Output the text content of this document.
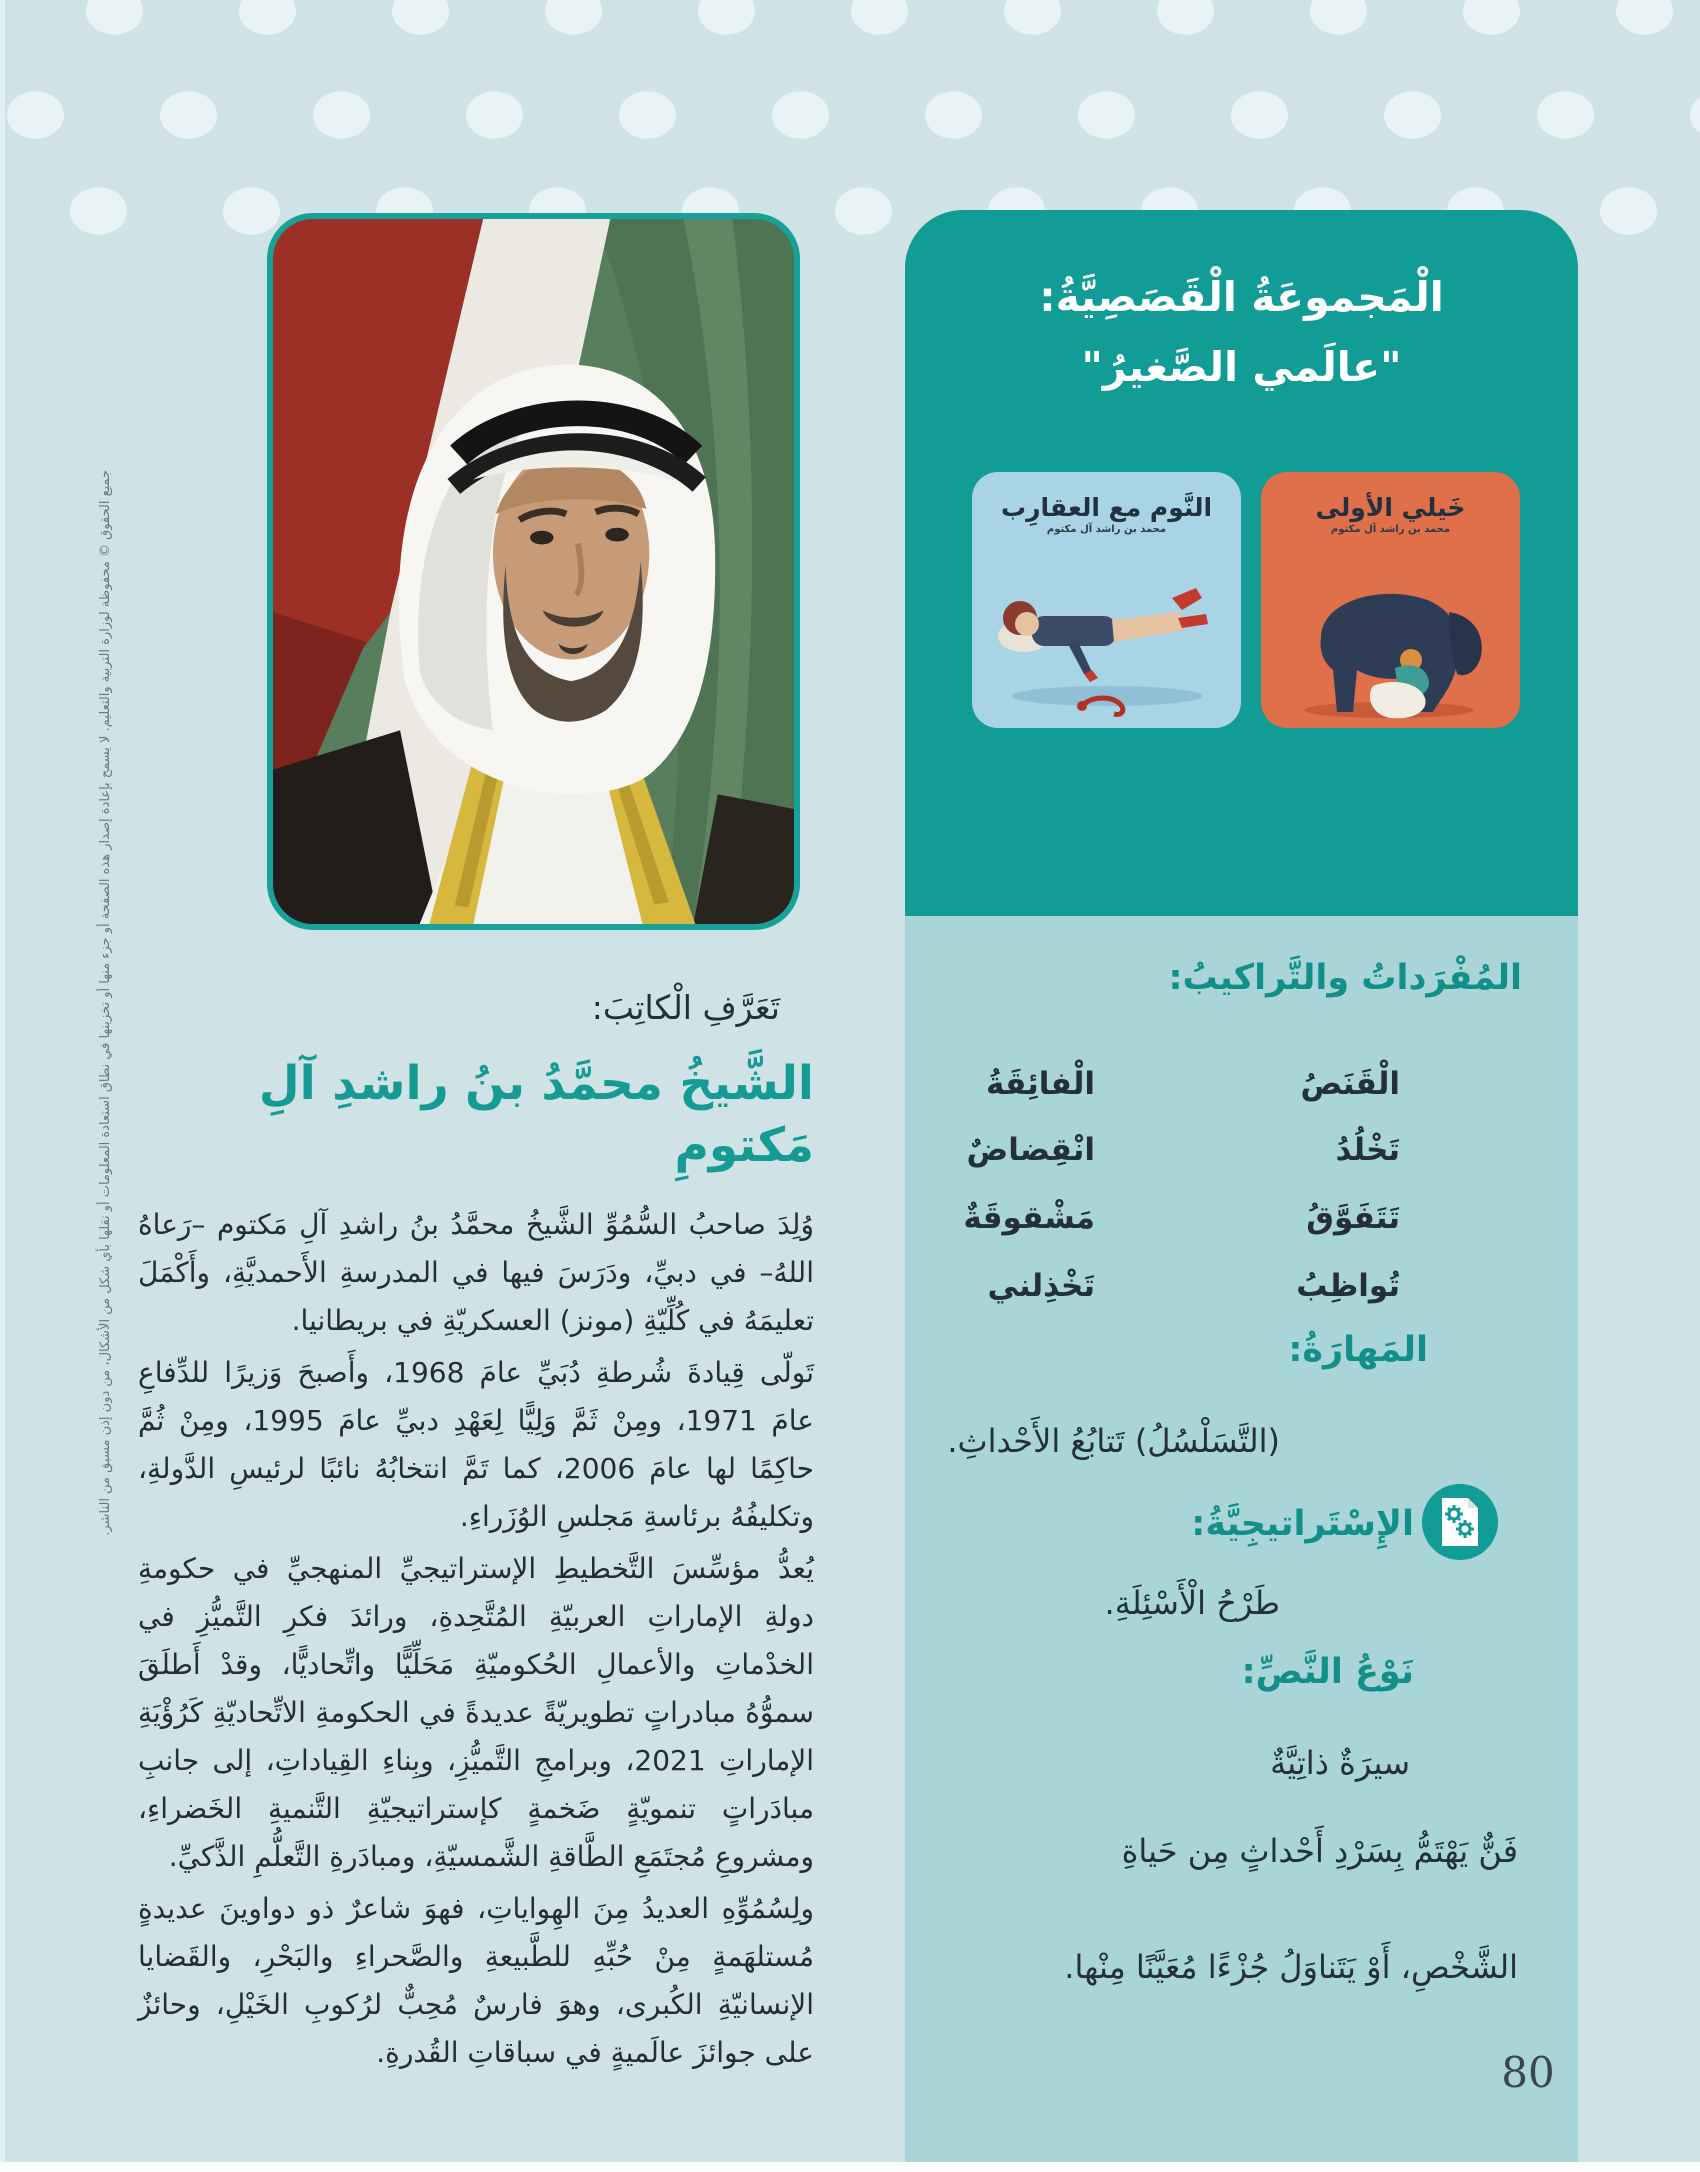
جميع الحقوق © محفوظة لوزارة التربية والتعليم. لا يسمح بإعادة إصدار هذه الصفحة أو جزء منها أو تخزينها في نطاق استعادة المعلومات أو نقلها بأي شكل من الأشكال، من دون إذن مسبق من الناشر.	تَعَرَّفِ الْكاتِبَ:

الشَّيخُ محمَّدُ بنُ راشدِ آلِ مَكتومِ

وُلِدَ صاحبُ السُّمُوِّ الشَّيخُ محمَّدُ بنُ راشدِ آلِ مَكتوم –رَعاهُ اللهُ– في دبيِّ، ودَرَسَ فيها في المدرسةِ الأَحمديَّةِ، وأَكْمَلَ تعليمَهُ في كُلِّيّةِ (مونز) العسكريّةِ في بريطانيا.

تَولّى قِيادةَ شُرطةِ دُبَيِّ عامَ 1968، وأَصبحَ وَزيرًا للدِّفاعِ عامَ 1971، ومِنْ ثَمَّ وَلِيًّا لِعَهْدِ دبيِّ عامَ 1995، ومِنْ ثُمَّ حاكِمًا لها عامَ 2006، كما تَمَّ انتخابُهُ نائبًا لرئيسِ الدَّولةِ، وتكليفُهُ برئاسةِ مَجلسِ الوُزَراءِ.

يُعدُّ مؤسِّسَ التَّخطيطِ الإستراتيجيِّ المنهجيِّ في حكومةِ دولةِ الإماراتِ العربيّةِ المُتَّحِدةِ، ورائدَ فكرِ التَّميُّزِ في الخدْماتِ والأعمالِ الحُكوميّةِ مَحَلِّيًّا واتِّحاديًّا، وقدْ أَطلَقَ سموُّهُ مبادراتٍ تطويريّةً عديدةً في الحكومةِ الاتِّحاديّةِ كَرُؤْيَةِ الإماراتِ 2021، وبرامجِ التَّميُّزِ، وبِناءِ القِياداتِ، إلى جانبِ مبادَراتٍ تنمويّةٍ ضَخمةٍ كإستراتيجيّةِ التَّنميةِ الخَضراءِ، ومشروعِ مُجتَمَعِ الطَّاقةِ الشَّمسيّةِ، ومبادَرةِ التَّعلُّمِ الذَّكيِّ.

ولِسُمُوِّهِ العديدُ مِنَ الهِواياتِ، فهوَ شاعرٌ ذو دواوينَ عديدةٍ مُستلهَمةٍ مِنْ حُبِّهِ للطَّبيعةِ والصَّحراءِ والبَحْرِ، والقَضايا الإنسانيّةِ الكُبرى، وهوَ فارسٌ مُحِبٌّ لرُكوبِ الخَيْلِ، وحائزٌ على جوائزَ عالَميةٍ في سباقاتِ القُدرةِ.

الْمَجموعَةُ الْقَصَصِيَّةُ:

"عالَمي الصَّغيرُ"

النَّوم مع العقارِب

محمد بن راشد آل مكتوم

خَيلي الأولى

محمد بن راشد آل مكتوم

المُفْرَداتُ والتَّراكيبُ:

الْقَنَصُ

الْفائِقَةُ

تَخْلُدُ

انْقِضاضٌ

تَتَفَوَّقُ

مَشْقوقَةٌ

تُواظِبُ

تَخْذِلني

المَهارَةُ:

(التَّسَلْسُلُ) تَتابُعُ الأَحْداثِ.

الإِسْتَراتيجِيَّةُ:

طَرْحُ الْأَسْئِلَةِ.

نَوْعُ النَّصِّ:

سيرَةٌ ذاتِيَّةٌ

فَنٌّ يَهْتَمُّ بِسَرْدِ أَحْداثٍ مِن حَياةِ

الشَّخْصِ، أَوْ يَتَناوَلُ جُزْءًا مُعَيَّنًا مِنْها.

80
